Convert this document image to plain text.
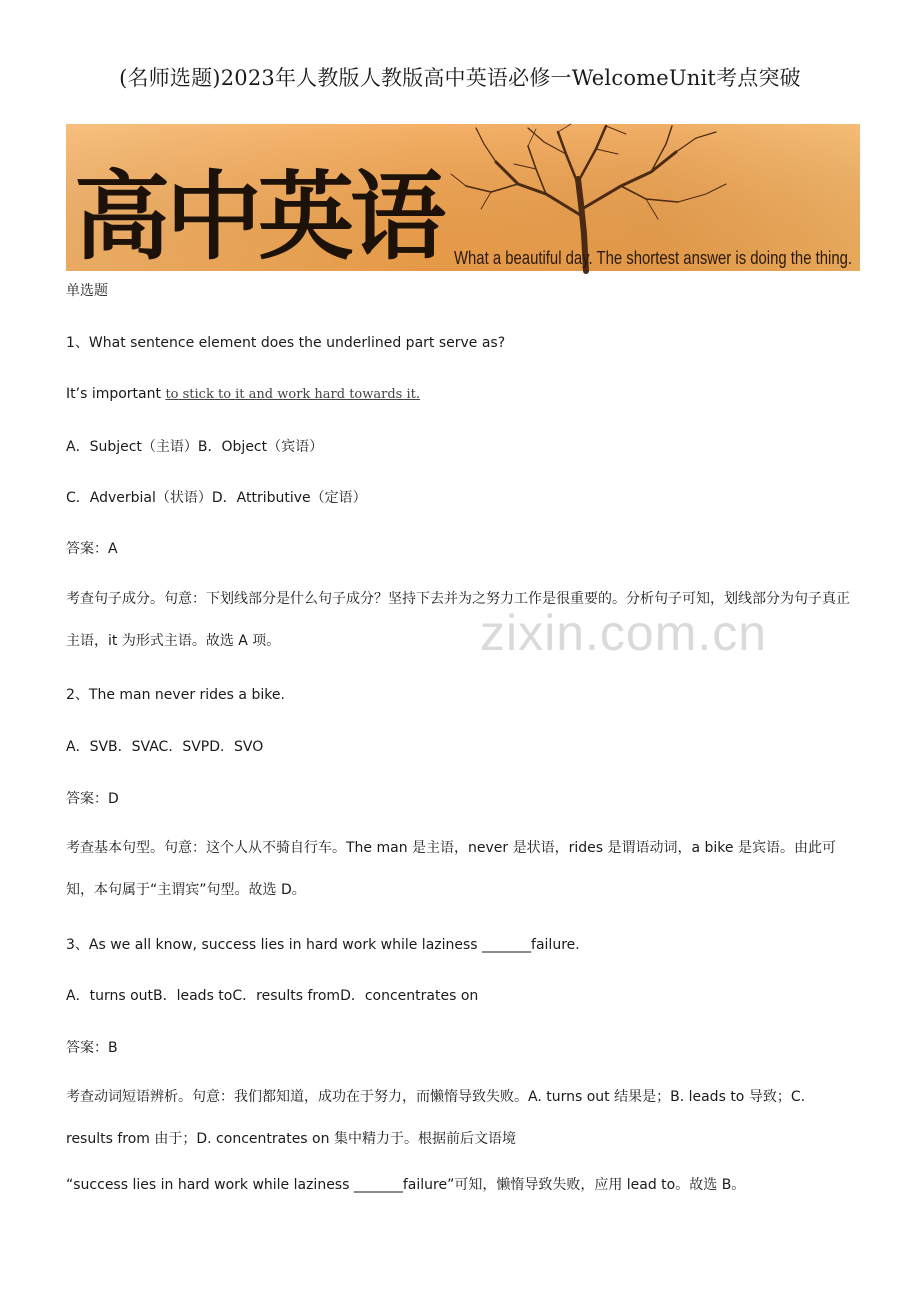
(名师选题)2023年人教版人教版高中英语必修一WelcomeUnit考点突破
高中英语 What a beautiful day. The shortest answer is doing the thing.
单选题
1、What sentence element does the underlined part serve as?
It’s important to stick to it and work hard towards it.
A．Subject（主语）B．Object（宾语）
C．Adverbial（状语）D．Attributive（定语）
答案：A
考查句子成分。句意：下划线部分是什么句子成分？坚持下去并为之努力工作是很重要的。分析句子可知，划线部分为句子真正主语，it 为形式主语。故选 A 项。	zixin.com.cn
2、The man never rides a bike.
A．SVB．SVAC．SVPD．SVO
答案：D
考查基本句型。句意：这个人从不骑自行车。The man 是主语，never 是状语，rides 是谓语动词，a bike 是宾语。由此可知，本句属于“主谓宾”句型。故选 D。
3、As we all know, success lies in hard work while laziness _______failure.
A．turns outB．leads toC．results fromD．concentrates on
答案：B
考查动词短语辨析。句意：我们都知道，成功在于努力，而懒惰导致失败。A. turns out 结果是；B. leads to 导致；C. results from 由于；D. concentrates on 集中精力于。根据前后文语境
“success lies in hard work while laziness _______failure”可知，懒惰导致失败，应用 lead to。故选 B。
